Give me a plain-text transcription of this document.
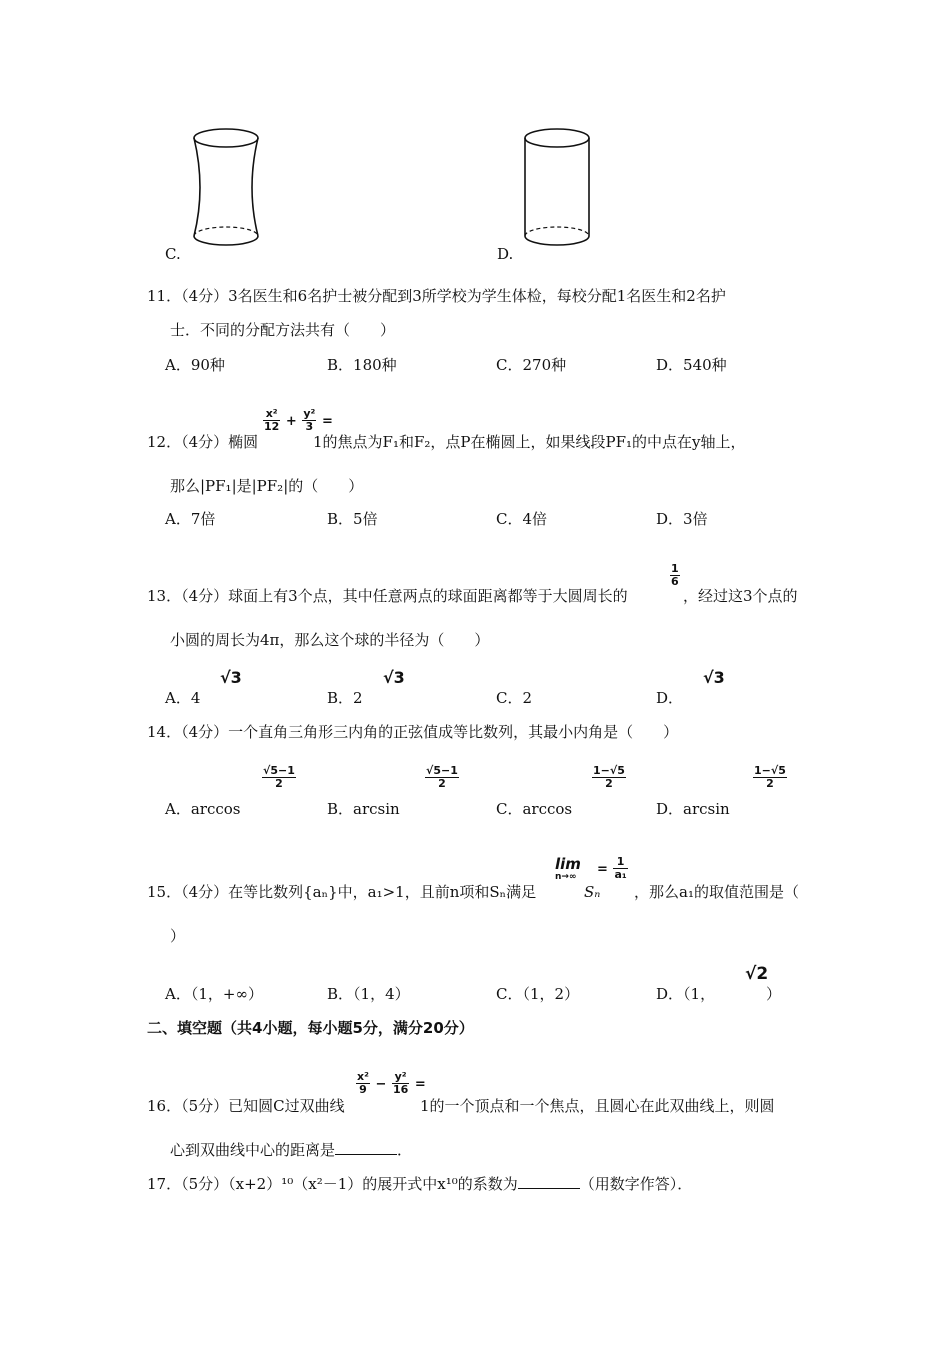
C.	D.
11．（4分）3名医生和6名护士被分配到3所学校为学生体检，每校分配1名医生和2名护
士．不同的分配方法共有（　　）
A．90种	B．180种	C．270种	D．540种
$\frac{\text{x²}}{12} + \frac{\text{y²}}{3}$ =
12．（4分）椭圆	1的焦点为F₁和F₂，点P在椭圆上，如果线段PF₁的中点在y轴上，
那么|PF₁|是|PF₂|的（　　）
A．7倍	B．5倍	C．4倍	D．3倍
$\frac{1}{6}$
13．（4分）球面上有3个点，其中任意两点的球面距离都等于大圆周长的	，经过这3个点的
小圆的周长为4π，那么这个球的半径为（　　）
√3	√3	√3
A．4	B．2	C．2	D．
14．（4分）一个直角三角形三内角的正弦值成等比数列，其最小内角是（　　）
$\frac{√5-1}{2}$	$\frac{√5-1}{2}$	$\frac{1-√5}{2}$	$\frac{1-√5}{2}$
A．arccos	B．arcsin	C．arccos	D．arcsin
lim
n→∞	= $\frac{1}{\text{a₁}}$
15．（4分）在等比数列{aₙ}中，a₁>1，且前n项和Sₙ满足	Sₙ ，那么a₁的取值范围是（
）
√2
A．（1，+∞）	B．（1，4）	C．（1，2）	D．（1，	）
二、填空题（共4小题，每小题5分，满分20分）
$\frac{\text{x²}}{9} - \frac{\text{y²}}{16}$ =
16．（5分）已知圆C过双曲线	1的一个顶点和一个焦点，且圆心在此双曲线上，则圆
心到双曲线中心的距离是	．
17．（5分）（x+2）¹⁰（x²－1）的展开式中x¹⁰的系数为	（用数字作答）．
